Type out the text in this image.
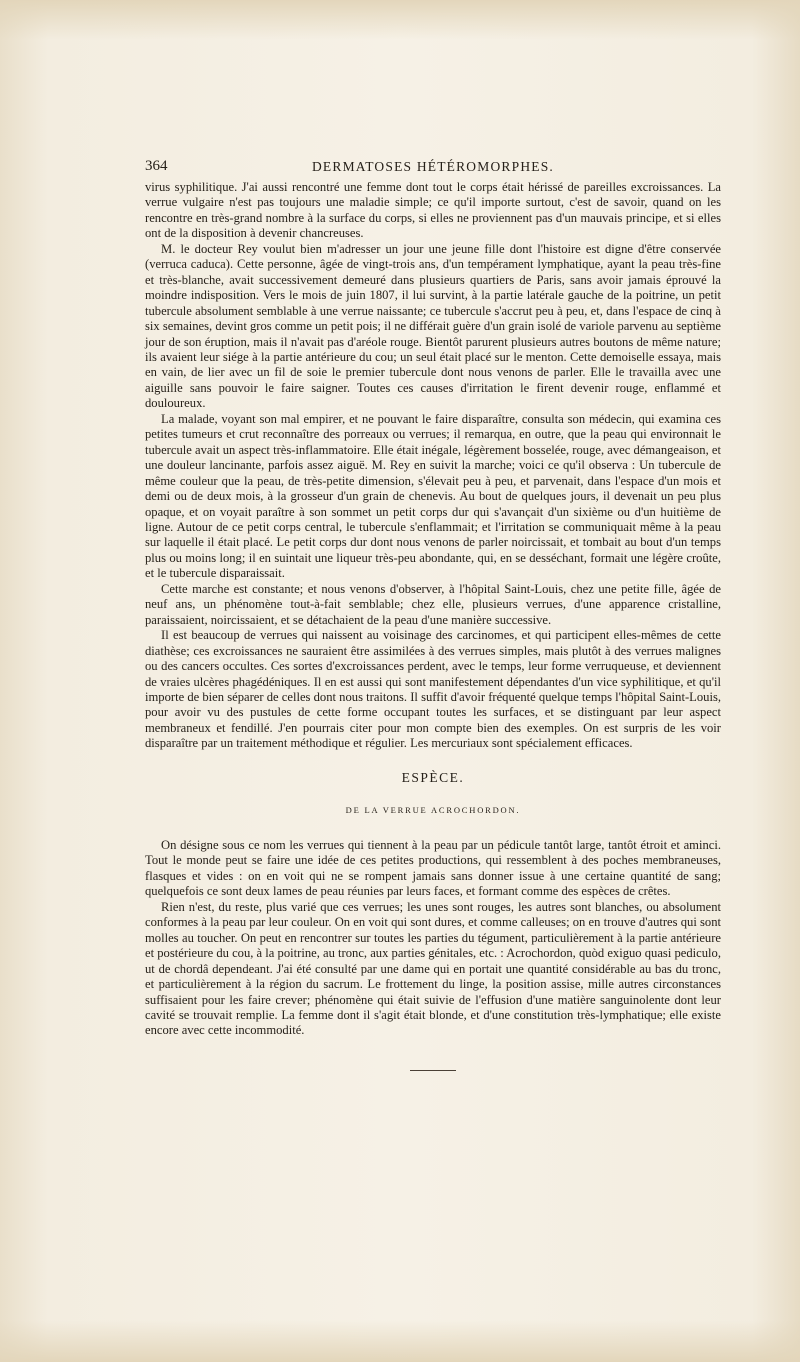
364	DERMATOSES HÉTÉROMORPHES.

virus syphilitique. J'ai aussi rencontré une femme dont tout le corps était hérissé de pareilles excroissances. La verrue vulgaire n'est pas toujours une maladie simple; ce qu'il importe surtout, c'est de savoir, quand on les rencontre en très-grand nombre à la surface du corps, si elles ne proviennent pas d'un mauvais principe, et si elles ont de la disposition à devenir chancreuses.

M. le docteur Rey voulut bien m'adresser un jour une jeune fille dont l'histoire est digne d'être conservée (verruca caduca). Cette personne, âgée de vingt-trois ans, d'un tempérament lymphatique, ayant la peau très-fine et très-blanche, avait successivement demeuré dans plusieurs quartiers de Paris, sans avoir jamais éprouvé la moindre indisposition. Vers le mois de juin 1807, il lui survint, à la partie latérale gauche de la poitrine, un petit tubercule absolument semblable à une verrue naissante; ce tubercule s'accrut peu à peu, et, dans l'espace de cinq à six semaines, devint gros comme un petit pois; il ne différait guère d'un grain isolé de variole parvenu au septième jour de son éruption, mais il n'avait pas d'aréole rouge. Bientôt parurent plusieurs autres boutons de même nature; ils avaient leur siége à la partie antérieure du cou; un seul était placé sur le menton. Cette demoiselle essaya, mais en vain, de lier avec un fil de soie le premier tubercule dont nous venons de parler. Elle le travailla avec une aiguille sans pouvoir le faire saigner. Toutes ces causes d'irritation le firent devenir rouge, enflammé et douloureux.

La malade, voyant son mal empirer, et ne pouvant le faire disparaître, consulta son médecin, qui examina ces petites tumeurs et crut reconnaître des porreaux ou verrues; il remarqua, en outre, que la peau qui environnait le tubercule avait un aspect très-inflammatoire. Elle était inégale, légèrement bosselée, rouge, avec démangeaison, et une douleur lancinante, parfois assez aiguë. M. Rey en suivit la marche; voici ce qu'il observa : Un tubercule de même couleur que la peau, de très-petite dimension, s'élevait peu à peu, et parvenait, dans l'espace d'un mois et demi ou de deux mois, à la grosseur d'un grain de chenevis. Au bout de quelques jours, il devenait un peu plus opaque, et on voyait paraître à son sommet un petit corps dur qui s'avançait d'un sixième ou d'un huitième de ligne. Autour de ce petit corps central, le tubercule s'enflammait; et l'irritation se communiquait même à la peau sur laquelle il était placé. Le petit corps dur dont nous venons de parler noircissait, et tombait au bout d'un temps plus ou moins long; il en suintait une liqueur très-peu abondante, qui, en se desséchant, formait une légère croûte, et le tubercule disparaissait.

Cette marche est constante; et nous venons d'observer, à l'hôpital Saint-Louis, chez une petite fille, âgée de neuf ans, un phénomène tout-à-fait semblable; chez elle, plusieurs verrues, d'une apparence cristalline, paraissaient, noircissaient, et se détachaient de la peau d'une manière successive.

Il est beaucoup de verrues qui naissent au voisinage des carcinomes, et qui participent elles-mêmes de cette diathèse; ces excroissances ne sauraient être assimilées à des verrues simples, mais plutôt à des verrues malignes ou des cancers occultes. Ces sortes d'excroissances perdent, avec le temps, leur forme verruqueuse, et deviennent de vraies ulcères phagédéniques. Il en est aussi qui sont manifestement dépendantes d'un vice syphilitique, et qu'il importe de bien séparer de celles dont nous traitons. Il suffit d'avoir fréquenté quelque temps l'hôpital Saint-Louis, pour avoir vu des pustules de cette forme occupant toutes les surfaces, et se distinguant par leur aspect membraneux et fendillé. J'en pourrais citer pour mon compte bien des exemples. On est surpris de les voir disparaître par un traitement méthodique et régulier. Les mercuriaux sont spécialement efficaces.

ESPÈCE.
DE LA VERRUE ACROCHORDON.

On désigne sous ce nom les verrues qui tiennent à la peau par un pédicule tantôt large, tantôt étroit et aminci. Tout le monde peut se faire une idée de ces petites productions, qui ressemblent à des poches membraneuses, flasques et vides : on en voit qui ne se rompent jamais sans donner issue à une certaine quantité de sang; quelquefois ce sont deux lames de peau réunies par leurs faces, et formant comme des espèces de crêtes.

Rien n'est, du reste, plus varié que ces verrues; les unes sont rouges, les autres sont blanches, ou absolument conformes à la peau par leur couleur. On en voit qui sont dures, et comme calleuses; on en trouve d'autres qui sont molles au toucher. On peut en rencontrer sur toutes les parties du tégument, particulièrement à la partie antérieure et postérieure du cou, à la poitrine, au tronc, aux parties génitales, etc. : Acrochordon, quòd exiguo quasi pediculo, ut de chordâ dependeant. J'ai été consulté par une dame qui en portait une quantité considérable au bas du tronc, et particulièrement à la région du sacrum. Le frottement du linge, la position assise, mille autres circonstances suffisaient pour les faire crever; phénomène qui était suivie de l'effusion d'une matière sanguinolente dont leur cavité se trouvait remplie. La femme dont il s'agit était blonde, et d'une constitution très-lymphatique; elle existe encore avec cette incommodité.
